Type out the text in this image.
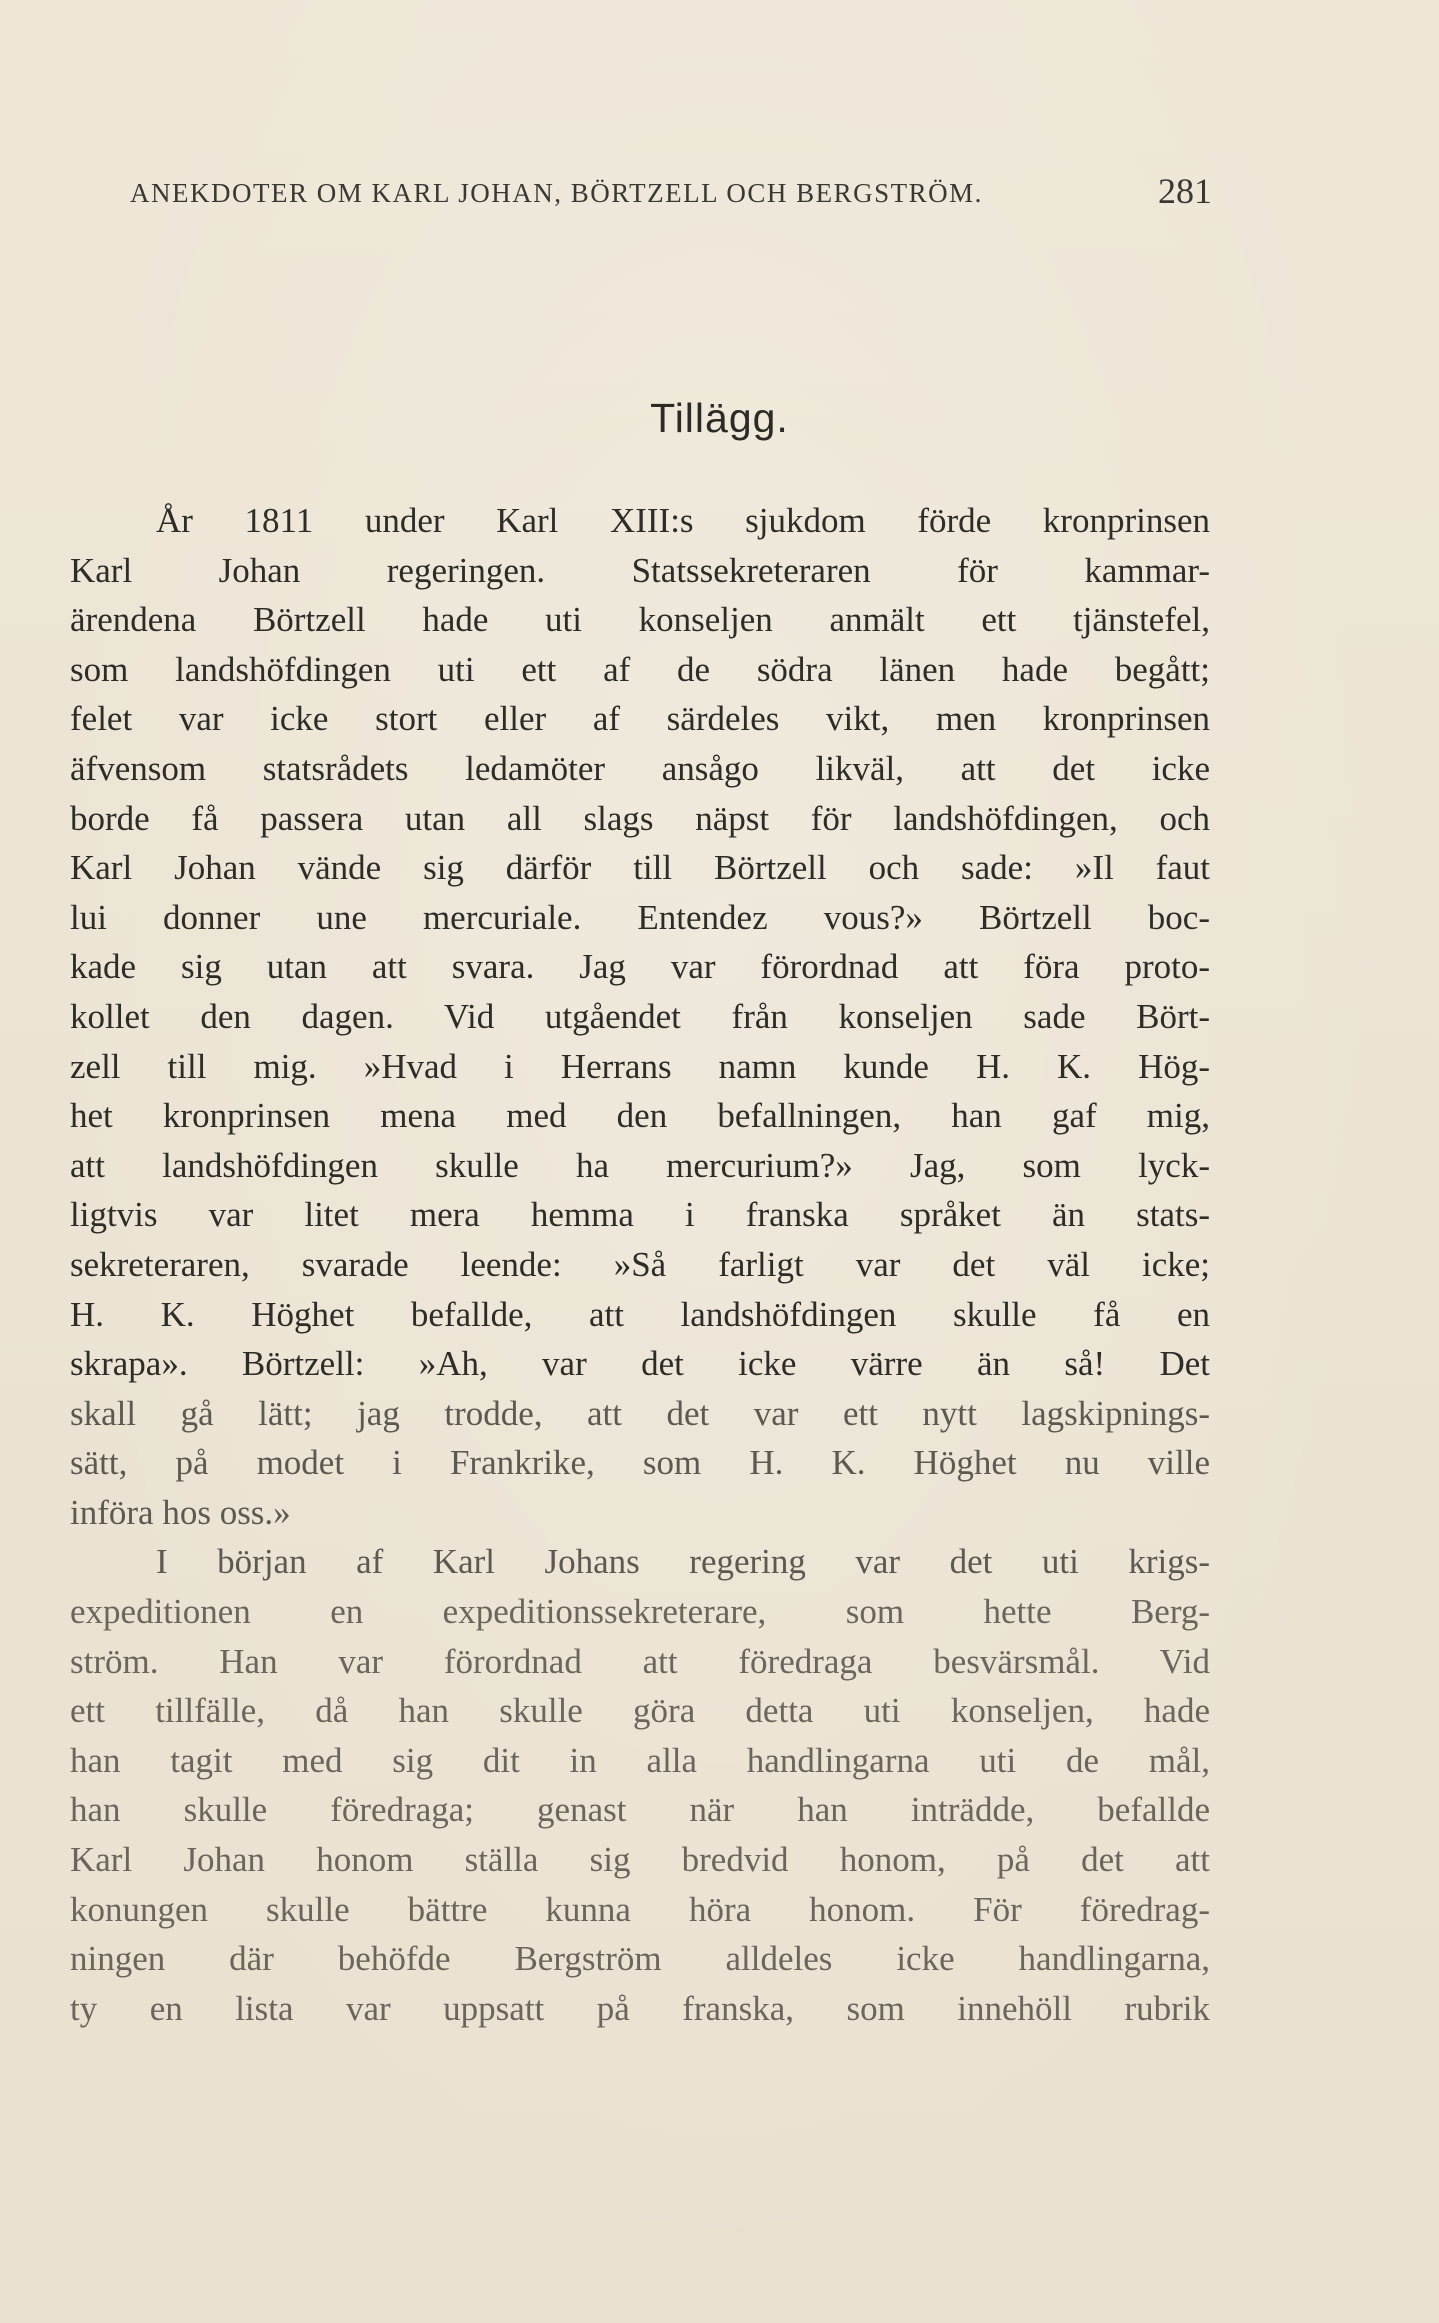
ANEKDOTER OM KARL JOHAN, BÖRTZELL OCH BERGSTRÖM.	281
Tillägg.
År 1811 under Karl XIII:s sjukdom förde kronprinsen
Karl Johan regeringen. Statssekreteraren för kammar-
ärendena Börtzell hade uti konseljen anmält ett tjänstefel,
som landshöfdingen uti ett af de södra länen hade begått;
felet var icke stort eller af särdeles vikt, men kronprinsen
äfvensom statsrådets ledamöter ansågo likväl, att det icke
borde få passera utan all slags näpst för landshöfdingen, och
Karl Johan vände sig därför till Börtzell och sade: »Il faut
lui donner une mercuriale. Entendez vous?» Börtzell boc-
kade sig utan att svara. Jag var förordnad att föra proto-
kollet den dagen. Vid utgåendet från konseljen sade Bört-
zell till mig. »Hvad i Herrans namn kunde H. K. Hög-
het kronprinsen mena med den befallningen, han gaf mig,
att landshöfdingen skulle ha mercurium?» Jag, som lyck-
ligtvis var litet mera hemma i franska språket än stats-
sekreteraren, svarade leende: »Så farligt var det väl icke;
H. K. Höghet befallde, att landshöfdingen skulle få en
skrapa». Börtzell: »Ah, var det icke värre än så! Det
skall gå lätt; jag trodde, att det var ett nytt lagskipnings-
sätt, på modet i Frankrike, som H. K. Höghet nu ville
införa hos oss.»
I början af Karl Johans regering var det uti krigs-
expeditionen en expeditionssekreterare, som hette Berg-
ström. Han var förordnad att föredraga besvärsmål. Vid
ett tillfälle, då han skulle göra detta uti konseljen, hade
han tagit med sig dit in alla handlingarna uti de mål,
han skulle föredraga; genast när han inträdde, befallde
Karl Johan honom ställa sig bredvid honom, på det att
konungen skulle bättre kunna höra honom. För föredrag-
ningen där behöfde Bergström alldeles icke handlingarna,
ty en lista var uppsatt på franska, som innehöll rubrik
